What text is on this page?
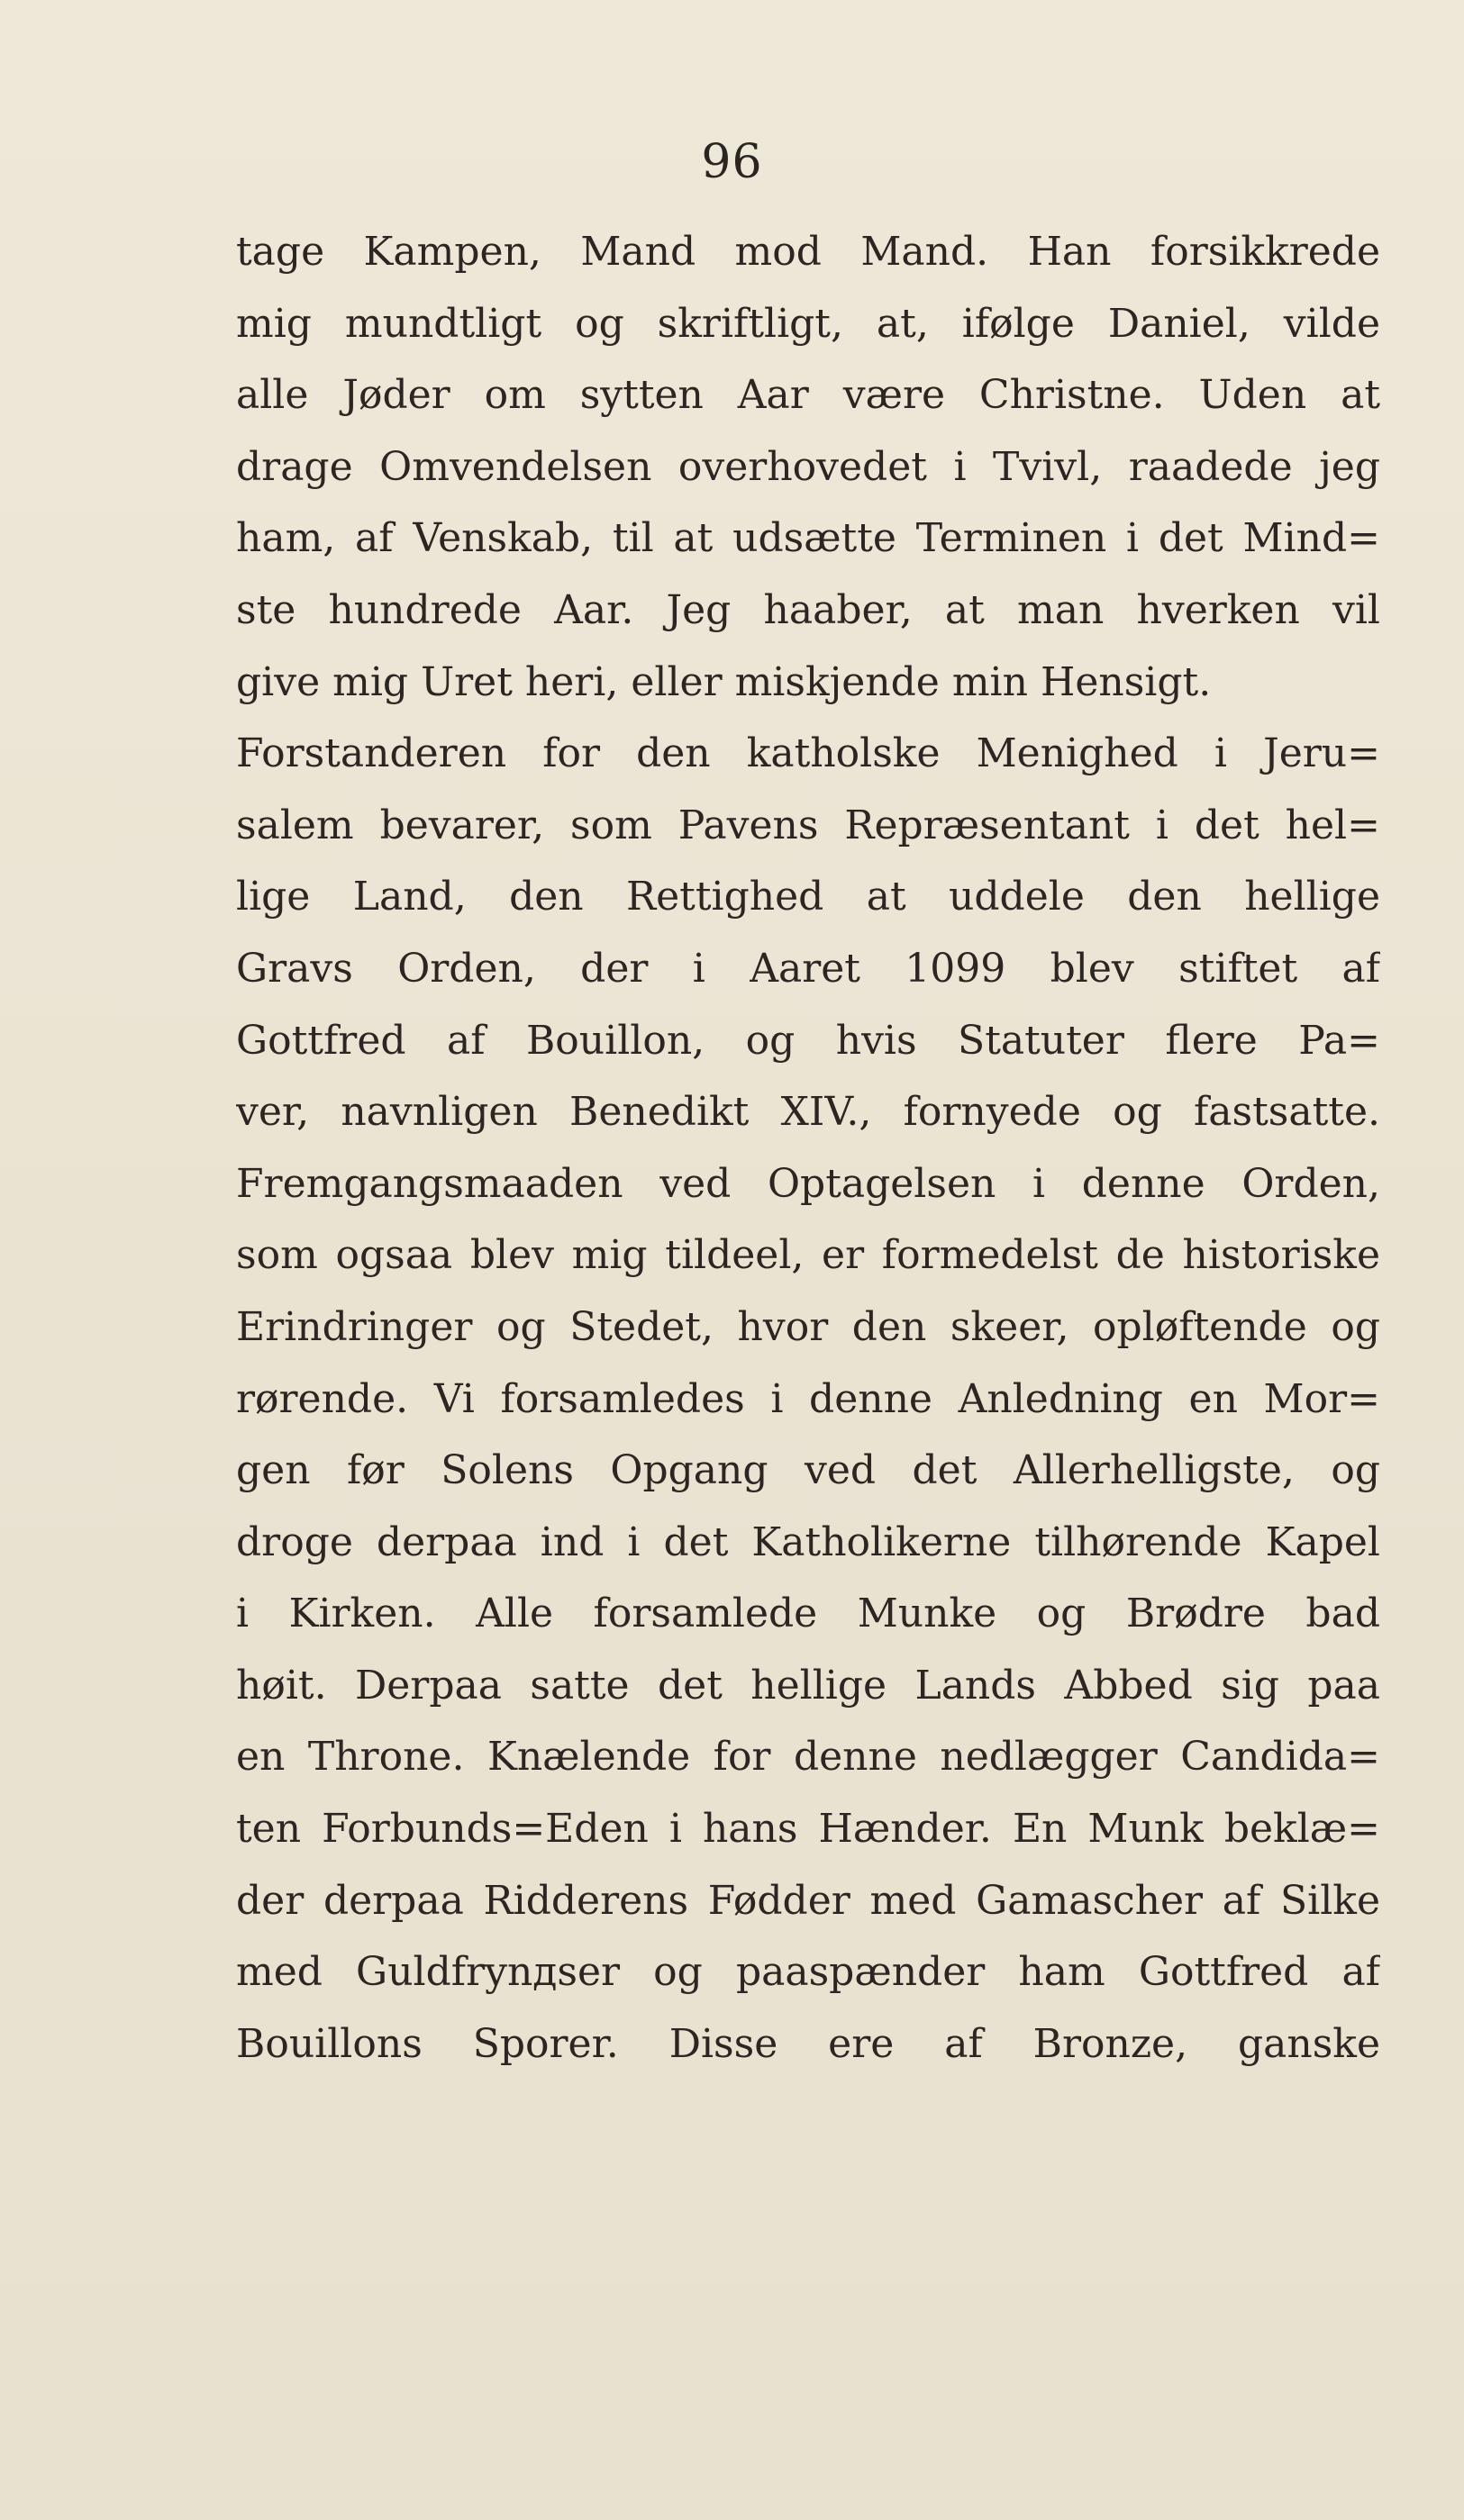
96
tage Kampen, Mand mod Mand. Han forsikkrede
mig mundtligt og skriftligt, at, ifølge Daniel, vilde
alle Jøder om sytten Aar være Christne. Uden at
drage Omvendelsen overhovedet i Tvivl, raadede jeg
ham, af Venskab, til at udsætte Terminen i det Mind=
ste hundrede Aar. Jeg haaber, at man hverken vil
give mig Uret heri, eller miskjende min Hensigt.
Forstanderen for den katholske Menighed i Jeru=
salem bevarer, som Pavens Repræsentant i det hel=
lige Land, den Rettighed at uddele den hellige
Gravs Orden, der i Aaret 1099 blev stiftet af
Gottfred af Bouillon, og hvis Statuter flere Pa=
ver, navnligen Benedikt XIV., fornyede og fastsatte.
Fremgangsmaaden ved Optagelsen i denne Orden,
som ogsaa blev mig tildeel, er formedelst de historiske
Erindringer og Stedet, hvor den skeer, opløftende og
rørende. Vi forsamledes i denne Anledning en Mor=
gen før Solens Opgang ved det Allerhelligste, og
droge derpaa ind i det Katholikerne tilhørende Kapel
i Kirken. Alle forsamlede Munke og Brødre bad
høit. Derpaa satte det hellige Lands Abbed sig paa
en Throne. Knælende for denne nedlægger Candida=
ten Forbunds=Eden i hans Hænder. En Munk beklæ=
der derpaa Ridderens Fødder med Gamascher af Silke
med Guldfrynдser og paaspænder ham Gottfred af
Bouillons Sporer. Disse ere af Bronze, ganske
